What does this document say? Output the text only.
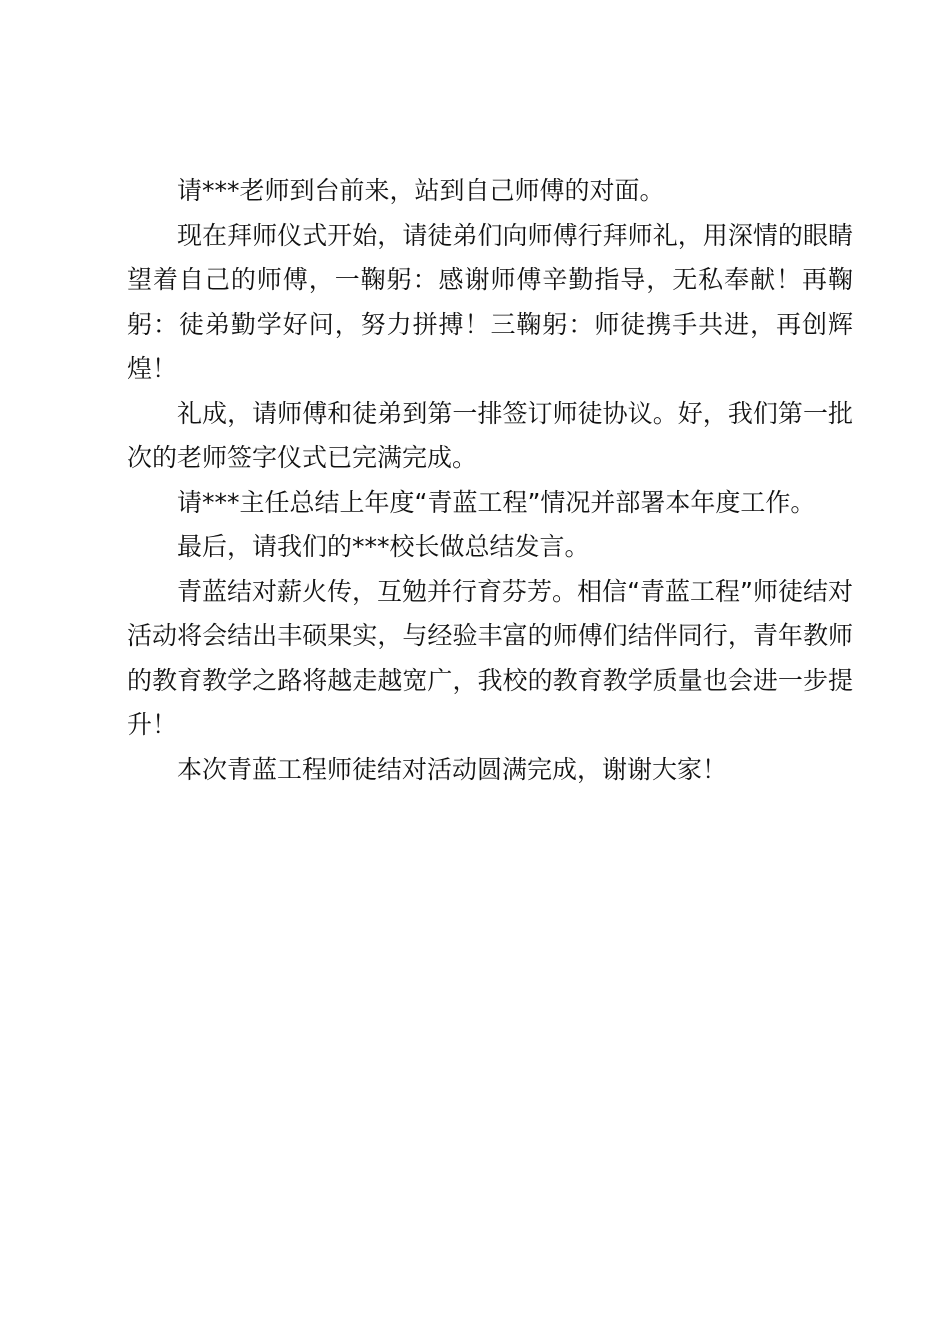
请***老师到台前来，站到自己师傅的对面。

现在拜师仪式开始，请徒弟们向师傅行拜师礼，用深情的眼睛望着自己的师傅，一鞠躬：感谢师傅辛勤指导，无私奉献！再鞠躬：徒弟勤学好问，努力拼搏！三鞠躬：师徒携手共进，再创辉煌！

礼成，请师傅和徒弟到第一排签订师徒协议。好，我们第一批次的老师签字仪式已完满完成。

请***主任总结上年度“青蓝工程”情况并部署本年度工作。

最后，请我们的***校长做总结发言。

青蓝结对薪火传，互勉并行育芬芳。相信“青蓝工程”师徒结对活动将会结出丰硕果实，与经验丰富的师傅们结伴同行，青年教师的教育教学之路将越走越宽广，我校的教育教学质量也会进一步提升！

本次青蓝工程师徒结对活动圆满完成，谢谢大家！
